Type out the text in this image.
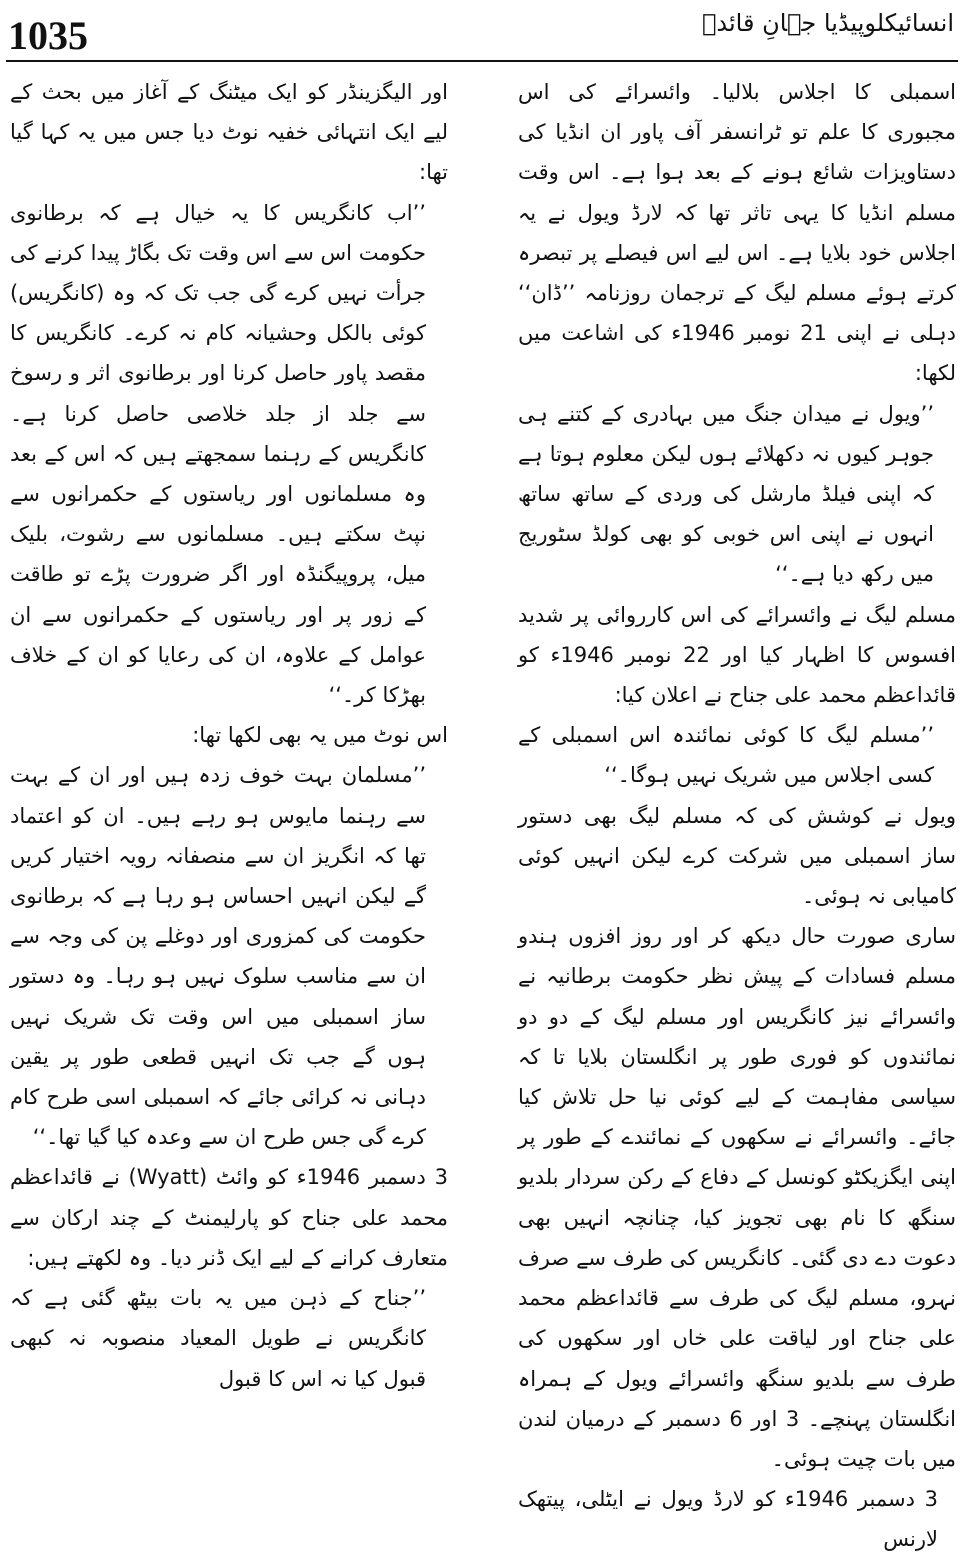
1035	انسائیکلوپیڈیا جہانِ قائدؒ

اسمبلی کا اجلاس بلالیا۔ وائسرائے کی اس مجبوری کا علم تو ٹرانسفر آف پاور ان انڈیا کی دستاویزات شائع ہونے کے بعد ہوا ہے۔ اس وقت مسلم انڈیا کا یہی تاثر تھا کہ لارڈ ویول نے یہ اجلاس خود بلایا ہے۔ اس لیے اس فیصلے پر تبصرہ کرتے ہوئے مسلم لیگ کے ترجمان روزنامہ ’’ڈان‘‘ دہلی نے اپنی 21 نومبر 1946ء کی اشاعت میں لکھا:

’’ویول نے میدان جنگ میں بہادری کے کتنے ہی جوہر کیوں نہ دکھلائے ہوں لیکن معلوم ہوتا ہے کہ اپنی فیلڈ مارشل کی وردی کے ساتھ ساتھ انہوں نے اپنی اس خوبی کو بھی کولڈ سٹوریج میں رکھ دیا ہے۔‘‘

مسلم لیگ نے وائسرائے کی اس کارروائی پر شدید افسوس کا اظہار کیا اور 22 نومبر 1946ء کو قائداعظم محمد علی جناح نے اعلان کیا:

’’مسلم لیگ کا کوئی نمائندہ اس اسمبلی کے کسی اجلاس میں شریک نہیں ہوگا۔‘‘

ویول نے کوشش کی کہ مسلم لیگ بھی دستور ساز اسمبلی میں شرکت کرے لیکن انہیں کوئی کامیابی نہ ہوئی۔

ساری صورت حال دیکھ کر اور روز افزوں ہندو مسلم فسادات کے پیش نظر حکومت برطانیہ نے وائسرائے نیز کانگریس اور مسلم لیگ کے دو دو نمائندوں کو فوری طور پر انگلستان بلایا تا کہ سیاسی مفاہمت کے لیے کوئی نیا حل تلاش کیا جائے۔ وائسرائے نے سکھوں کے نمائندے کے طور پر اپنی ایگزیکٹو کونسل کے دفاع کے رکن سردار بلدیو سنگھ کا نام بھی تجویز کیا، چنانچہ انہیں بھی دعوت دے دی گئی۔ کانگریس کی طرف سے صرف نہرو، مسلم لیگ کی طرف سے قائداعظم محمد علی جناح اور لیاقت علی خاں اور سکھوں کی طرف سے بلدیو سنگھ وائسرائے ویول کے ہمراہ انگلستان پہنچے۔ 3 اور 6 دسمبر کے درمیان لندن میں بات چیت ہوئی۔

3 دسمبر 1946ء کو لارڈ ویول نے ایٹلی، پیتھک لارنس

اور الیگزینڈر کو ایک میٹنگ کے آغاز میں بحث کے لیے ایک انتہائی خفیہ نوٹ دیا جس میں یہ کہا گیا تھا:

’’اب کانگریس کا یہ خیال ہے کہ برطانوی حکومت اس سے اس وقت تک بگاڑ پیدا کرنے کی جرأت نہیں کرے گی جب تک کہ وہ (کانگریس) کوئی بالکل وحشیانہ کام نہ کرے۔ کانگریس کا مقصد پاور حاصل کرنا اور برطانوی اثر و رسوخ سے جلد از جلد خلاصی حاصل کرنا ہے۔ کانگریس کے رہنما سمجھتے ہیں کہ اس کے بعد وہ مسلمانوں اور ریاستوں کے حکمرانوں سے نپٹ سکتے ہیں۔ مسلمانوں سے رشوت، بلیک میل، پروپیگنڈہ اور اگر ضرورت پڑے تو طاقت کے زور پر اور ریاستوں کے حکمرانوں سے ان عوامل کے علاوہ، ان کی رعایا کو ان کے خلاف بھڑکا کر۔‘‘

اس نوٹ میں یہ بھی لکھا تھا:

’’مسلمان بہت خوف زدہ ہیں اور ان کے بہت سے رہنما مایوس ہو رہے ہیں۔ ان کو اعتماد تھا کہ انگریز ان سے منصفانہ رویہ اختیار کریں گے لیکن انہیں احساس ہو رہا ہے کہ برطانوی حکومت کی کمزوری اور دوغلے پن کی وجہ سے ان سے مناسب سلوک نہیں ہو رہا۔ وہ دستور ساز اسمبلی میں اس وقت تک شریک نہیں ہوں گے جب تک انہیں قطعی طور پر یقین دہانی نہ کرائی جائے کہ اسمبلی اسی طرح کام کرے گی جس طرح ان سے وعدہ کیا گیا تھا۔‘‘

3 دسمبر 1946ء کو وائٹ (Wyatt) نے قائداعظم محمد علی جناح کو پارلیمنٹ کے چند ارکان سے متعارف کرانے کے لیے ایک ڈنر دیا۔ وہ لکھتے ہیں:

’’جناح کے ذہن میں یہ بات بیٹھ گئی ہے کہ کانگریس نے طویل المعیاد منصوبہ نہ کبھی قبول کیا نہ اس کا قبول
